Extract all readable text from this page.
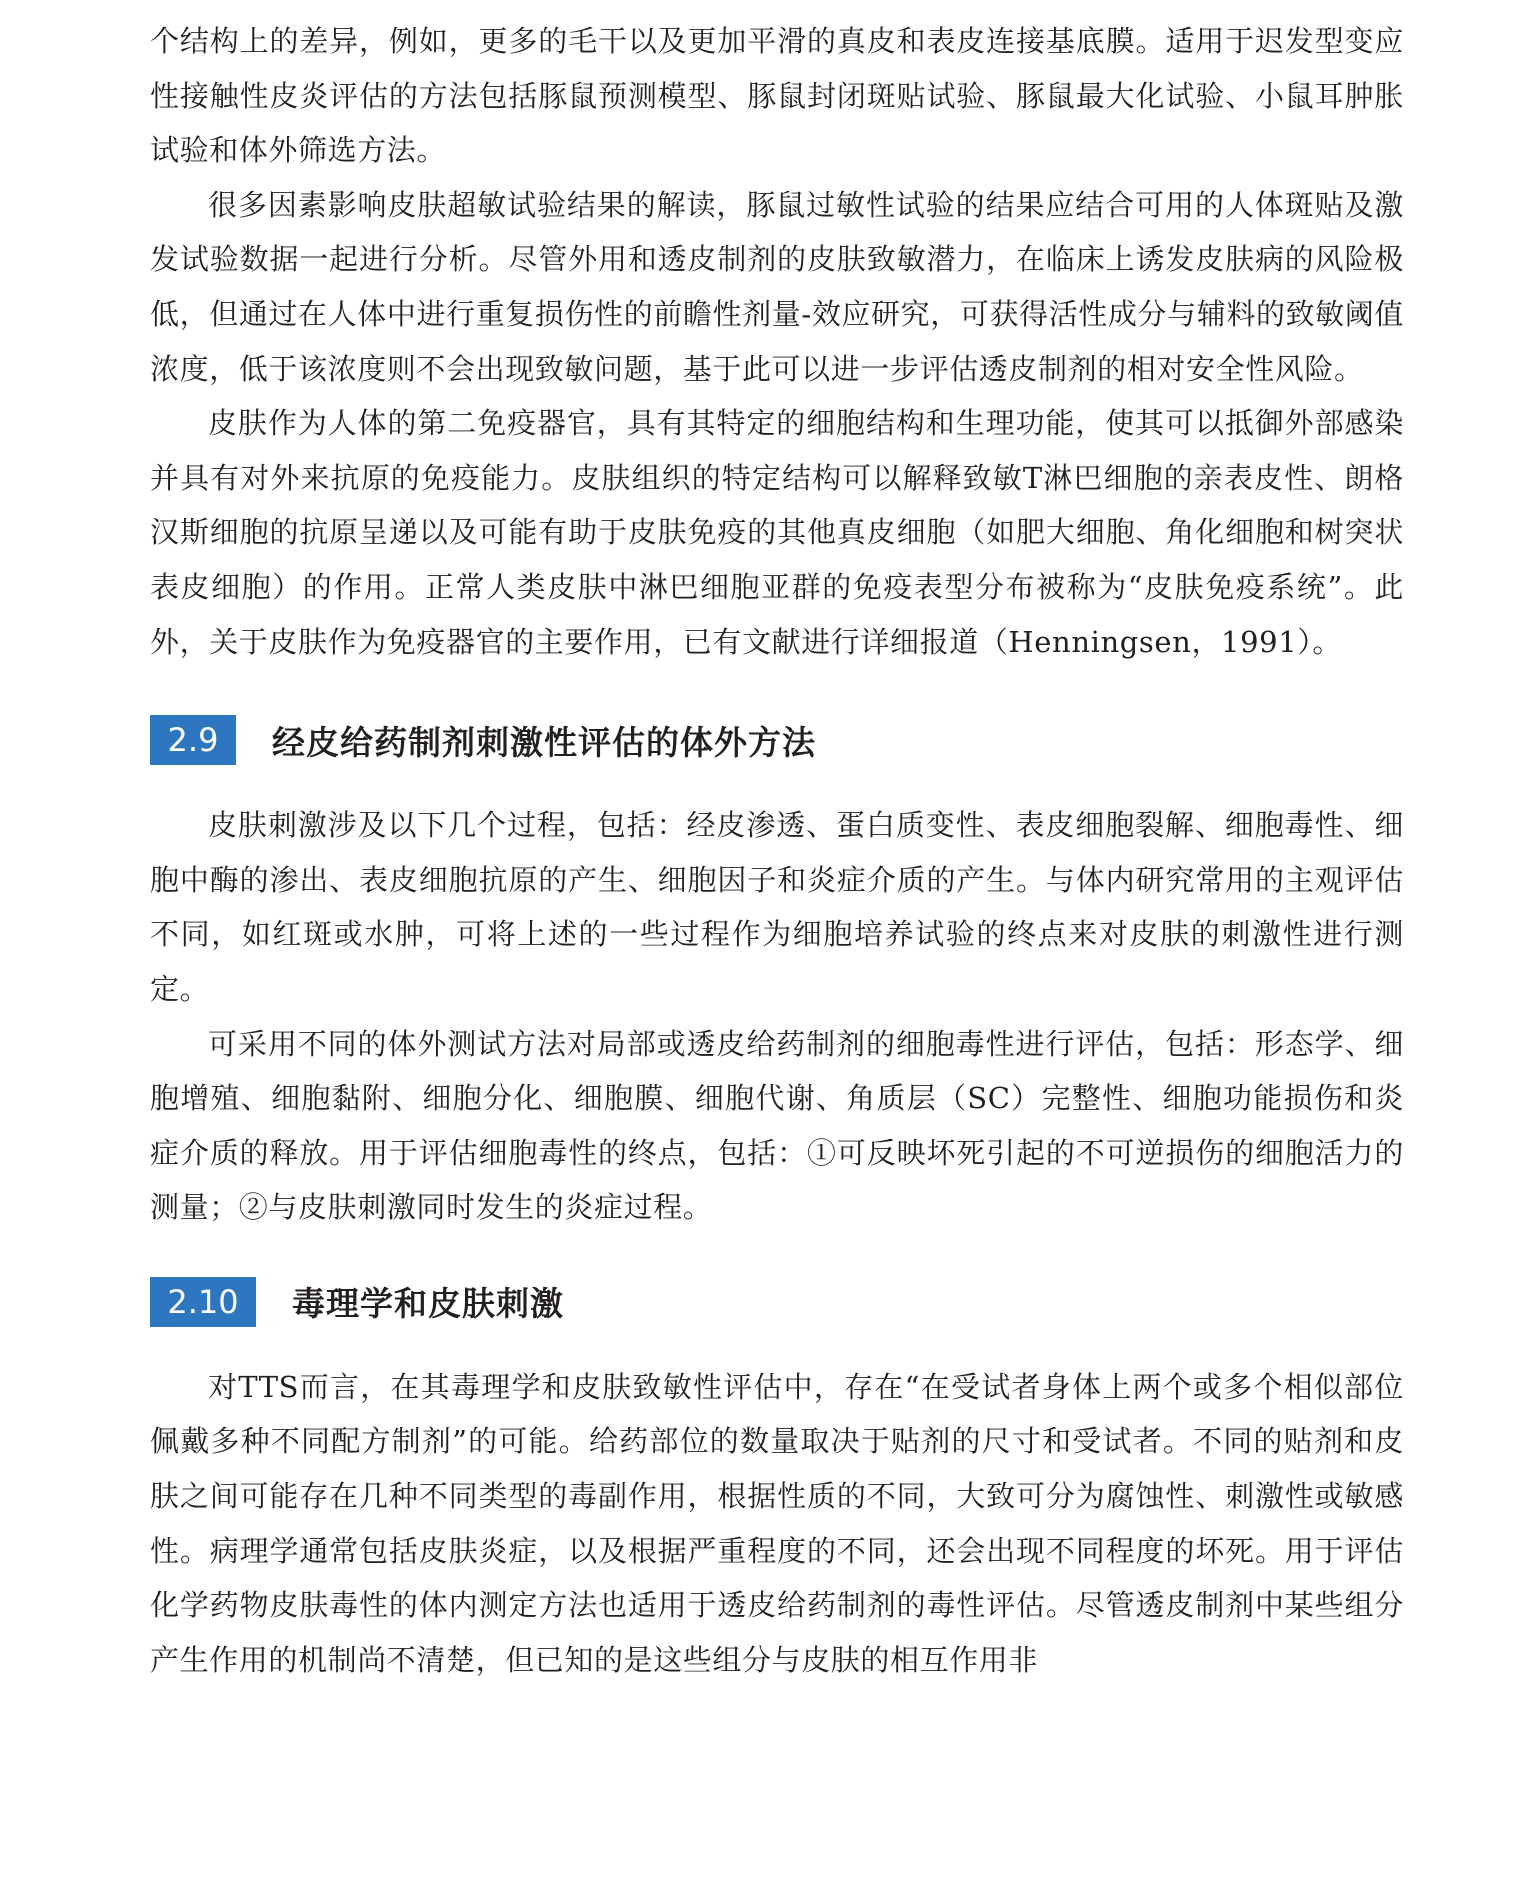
个结构上的差异，例如，更多的毛干以及更加平滑的真皮和表皮连接基底膜。适用于迟发型变应性接触性皮炎评估的方法包括豚鼠预测模型、豚鼠封闭斑贴试验、豚鼠最大化试验、小鼠耳肿胀试验和体外筛选方法。

很多因素影响皮肤超敏试验结果的解读，豚鼠过敏性试验的结果应结合可用的人体斑贴及激发试验数据一起进行分析。尽管外用和透皮制剂的皮肤致敏潜力，在临床上诱发皮肤病的风险极低，但通过在人体中进行重复损伤性的前瞻性剂量-效应研究，可获得活性成分与辅料的致敏阈值浓度，低于该浓度则不会出现致敏问题，基于此可以进一步评估透皮制剂的相对安全性风险。

皮肤作为人体的第二免疫器官，具有其特定的细胞结构和生理功能，使其可以抵御外部感染并具有对外来抗原的免疫能力。皮肤组织的特定结构可以解释致敏T淋巴细胞的亲表皮性、朗格汉斯细胞的抗原呈递以及可能有助于皮肤免疫的其他真皮细胞（如肥大细胞、角化细胞和树突状表皮细胞）的作用。正常人类皮肤中淋巴细胞亚群的免疫表型分布被称为“皮肤免疫系统”。此外，关于皮肤作为免疫器官的主要作用，已有文献进行详细报道（Henningsen，1991）。

2.9	经皮给药制剂刺激性评估的体外方法

皮肤刺激涉及以下几个过程，包括：经皮渗透、蛋白质变性、表皮细胞裂解、细胞毒性、细胞中酶的渗出、表皮细胞抗原的产生、细胞因子和炎症介质的产生。与体内研究常用的主观评估不同，如红斑或水肿，可将上述的一些过程作为细胞培养试验的终点来对皮肤的刺激性进行测定。

可采用不同的体外测试方法对局部或透皮给药制剂的细胞毒性进行评估，包括：形态学、细胞增殖、细胞黏附、细胞分化、细胞膜、细胞代谢、角质层（SC）完整性、细胞功能损伤和炎症介质的释放。用于评估细胞毒性的终点，包括：①可反映坏死引起的不可逆损伤的细胞活力的测量；②与皮肤刺激同时发生的炎症过程。

2.10	毒理学和皮肤刺激

对TTS而言，在其毒理学和皮肤致敏性评估中，存在“在受试者身体上两个或多个相似部位佩戴多种不同配方制剂”的可能。给药部位的数量取决于贴剂的尺寸和受试者。不同的贴剂和皮肤之间可能存在几种不同类型的毒副作用，根据性质的不同，大致可分为腐蚀性、刺激性或敏感性。病理学通常包括皮肤炎症，以及根据严重程度的不同，还会出现不同程度的坏死。用于评估化学药物皮肤毒性的体内测定方法也适用于透皮给药制剂的毒性评估。尽管透皮制剂中某些组分产生作用的机制尚不清楚，但已知的是这些组分与皮肤的相互作用非
